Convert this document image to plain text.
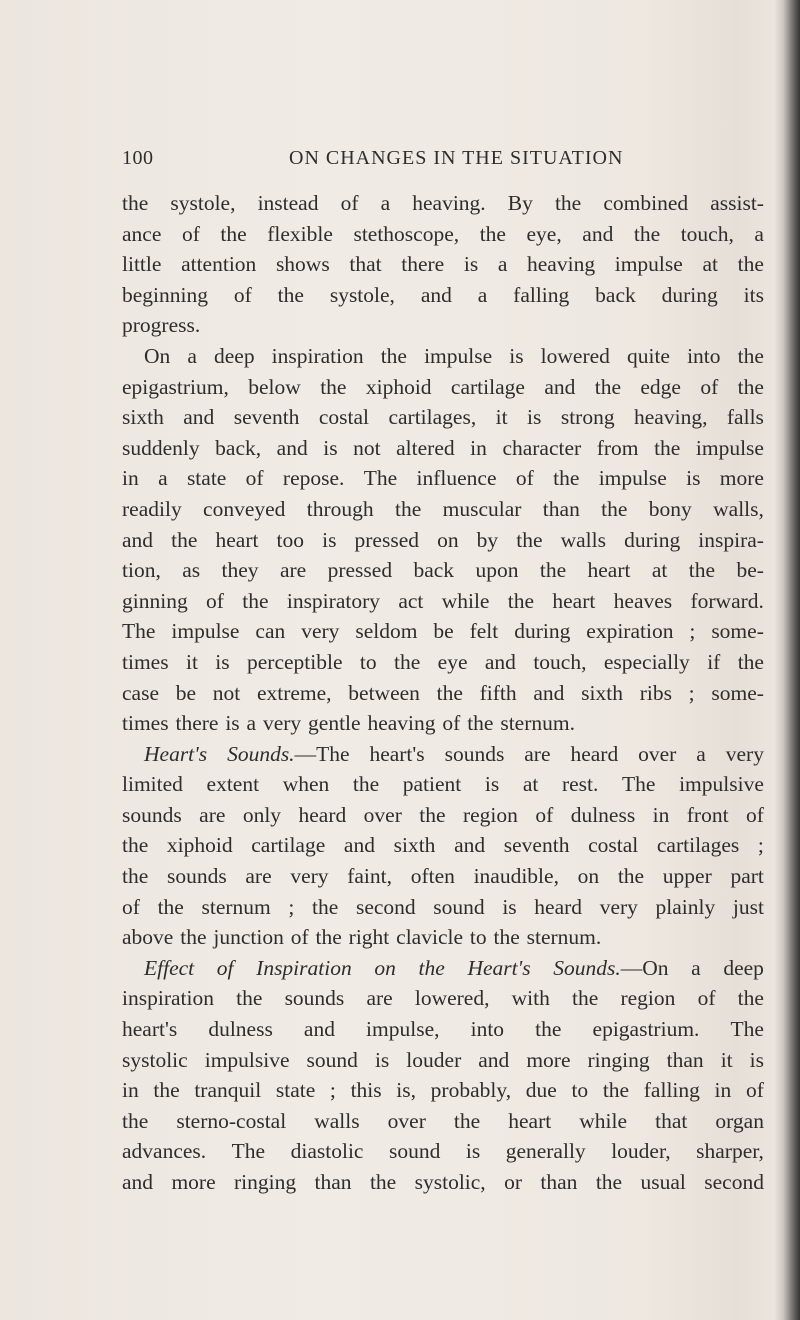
100	ON CHANGES IN THE SITUATION
the systole, instead of a heaving. By the combined assist-
ance of the flexible stethoscope, the eye, and the touch, a
little attention shows that there is a heaving impulse at the
beginning of the systole, and a falling back during its
progress.
On a deep inspiration the impulse is lowered quite into the
epigastrium, below the xiphoid cartilage and the edge of the
sixth and seventh costal cartilages, it is strong heaving, falls
suddenly back, and is not altered in character from the impulse
in a state of repose. The influence of the impulse is more
readily conveyed through the muscular than the bony walls,
and the heart too is pressed on by the walls during inspira-
tion, as they are pressed back upon the heart at the be-
ginning of the inspiratory act while the heart heaves forward.
The impulse can very seldom be felt during expiration ; some-
times it is perceptible to the eye and touch, especially if the
case be not extreme, between the fifth and sixth ribs ; some-
times there is a very gentle heaving of the sternum.
Heart's Sounds.—The heart's sounds are heard over a very
limited extent when the patient is at rest. The impulsive
sounds are only heard over the region of dulness in front of
the xiphoid cartilage and sixth and seventh costal cartilages ;
the sounds are very faint, often inaudible, on the upper part
of the sternum ; the second sound is heard very plainly just
above the junction of the right clavicle to the sternum.
Effect of Inspiration on the Heart's Sounds.—On a deep
inspiration the sounds are lowered, with the region of the
heart's dulness and impulse, into the epigastrium. The
systolic impulsive sound is louder and more ringing than it is
in the tranquil state ; this is, probably, due to the falling in of
the sterno-costal walls over the heart while that organ
advances. The diastolic sound is generally louder, sharper,
and more ringing than the systolic, or than the usual second
